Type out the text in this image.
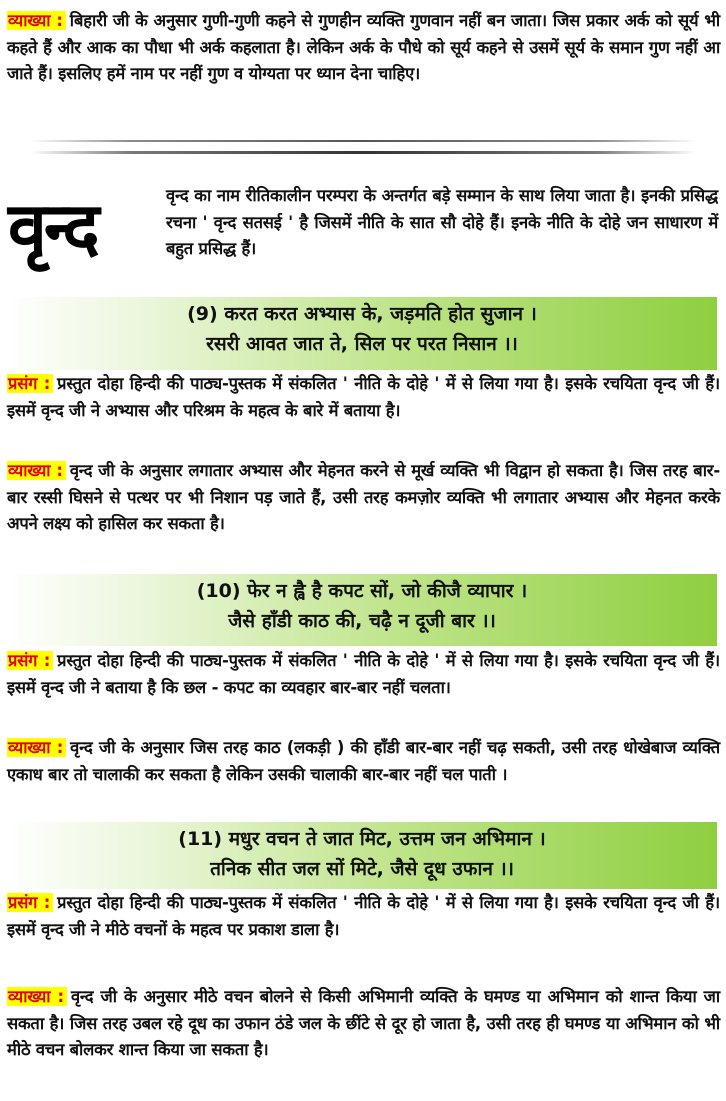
व्याख्या : बिहारी जी के अनुसार गुणी-गुणी कहने से गुणहीन व्यक्ति गुणवान नहीं बन जाता। जिस प्रकार अर्क को सूर्य भी कहते हैं और आक का पौधा भी अर्क कहलाता है। लेकिन अर्क के पौधे को सूर्य कहने से उसमें सूर्य के समान गुण नहीं आ जाते हैं। इसलिए हमें नाम पर नहीं गुण व योग्यता पर ध्यान देना चाहिए।

वृन्द	वृन्द का नाम रीतिकालीन परम्परा के अन्तर्गत बड़े सम्मान के साथ लिया जाता है। इनकी प्रसिद्ध रचना ' वृन्द सतसई ' है जिसमें नीति के सात सौ दोहे हैं। इनके नीति के दोहे जन साधारण में बहुत प्रसिद्ध हैं।

(9) करत करत अभ्यास के, जड़मति होत सुजान ।
रसरी आवत जात ते, सिल पर परत निसान ।।

प्रसंग : प्रस्तुत दोहा हिन्दी की पाठ्य-पुस्तक में संकलित ' नीति के दोहे ' में से लिया गया है। इसके रचयिता वृन्द जी हैं। इसमें वृन्द जी ने अभ्यास और परिश्रम के महत्व के बारे में बताया है।

व्याख्या : वृन्द जी के अनुसार लगातार अभ्यास और मेहनत करने से मूर्ख व्यक्ति भी विद्वान हो सकता है। जिस तरह बार-बार रस्सी घिसने से पत्थर पर भी निशान पड़ जाते हैं, उसी तरह कमज़ोर व्यक्ति भी लगातार अभ्यास और मेहनत करके अपने लक्ष्य को हासिल कर सकता है।

(10) फेर न ह्वै है कपट सों, जो कीजै व्यापार ।
जैसे हाँडी काठ की, चढ़ै न दूजी बार ।।

प्रसंग : प्रस्तुत दोहा हिन्दी की पाठ्य-पुस्तक में संकलित ' नीति के दोहे ' में से लिया गया है। इसके रचयिता वृन्द जी हैं। इसमें वृन्द जी ने बताया है कि छल - कपट का व्यवहार बार-बार नहीं चलता।

व्याख्या : वृन्द जी के अनुसार जिस तरह काठ (लकड़ी ) की हाँडी बार-बार नहीं चढ़ सकती, उसी तरह धोखेबाज व्यक्ति एकाध बार तो चालाकी कर सकता है लेकिन उसकी चालाकी बार-बार नहीं चल पाती ।

(11) मधुर वचन ते जात मिट, उत्तम जन अभिमान ।
तनिक सीत जल सों मिटे, जैसे दूध उफान ।।

प्रसंग : प्रस्तुत दोहा हिन्दी की पाठ्य-पुस्तक में संकलित ' नीति के दोहे ' में से लिया गया है। इसके रचयिता वृन्द जी हैं। इसमें वृन्द जी ने मीठे वचनों के महत्व पर प्रकाश डाला है।

व्याख्या : वृन्द जी के अनुसार मीठे वचन बोलने से किसी अभिमानी व्यक्ति के घमण्ड या अभिमान को शान्त किया जा सकता है। जिस तरह उबल रहे दूध का उफान ठंडे जल के छींटे से दूर हो जाता है, उसी तरह ही घमण्ड या अभिमान को भी मीठे वचन बोलकर शान्त किया जा सकता है।
